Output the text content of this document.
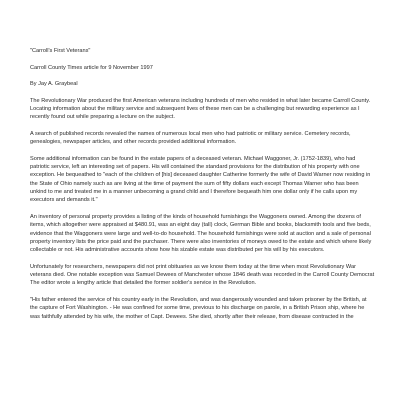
"Carroll's First Veterans"

Carroll County Times article for 9 November 1997

By Jay A. Graybeal

The Revolutionary War produced the first American veterans including hundreds of men who resided in what later became Carroll County. Locating information about the military service and subsequent lives of these men can be a challenging but rewarding experience as I recently found out while preparing a lecture on the subject.

A search of published records revealed the names of numerous local men who had patriotic or military service. Cemetery records, genealogies, newspaper articles, and other records provided additional information.

Some additional information can be found in the estate papers of a deceased veteran. Michael Waggoner, Jr. (1752-1839), who had patriotic service, left an interesting set of papers. His will contained the standard provisions for the distribution of his property with one exception. He bequeathed to "each of the children of [his] deceased daughter Catherine formerly the wife of David Warner now residing in the State of Ohio namely such as are living at the time of payment the sum of fifty dollars each except Thomas Warner who has been unkind to me and treated me in a manner unbecoming a grand child and I therefore bequeath him one dollar only if he calls upon my executors and demands it."

An inventory of personal property provides a listing of the kinds of household furnishings the Waggoners owned. Among the dozens of items, which altogether were appraised at $480.91, was an eight day (tall) clock, German Bible and books, blacksmith tools and five beds, evidence that the Waggoners were large and well-to-do household. The household furnishings were sold at auction and a sale of personal property inventory lists the price paid and the purchaser. There were also inventories of moneys owed to the estate and which where likely collectable or not. His administrative accounts show how his sizable estate was distributed per his will by his executors.

Unfortunately for researchers, newspapers did not print obituaries as we know them today at the time when most Revolutionary War veterans died. One notable exception was Samuel Dewees of Manchester whose 1846 death was recorded in the Carroll County Democrat The editor wrote a lengthy article that detailed the former soldier's service in the Revolution.

"His father entered the service of his country early in the Revolution, and was dangerously wounded and taken prisoner by the British, at the capture of Fort Washington. - He was confined for some time, previous to his discharge on parole, in a British Prison ship, where he was faithfully attended by his wife, the mother of Capt. Dewees. She died, shortly after their release, from disease contracted in the
